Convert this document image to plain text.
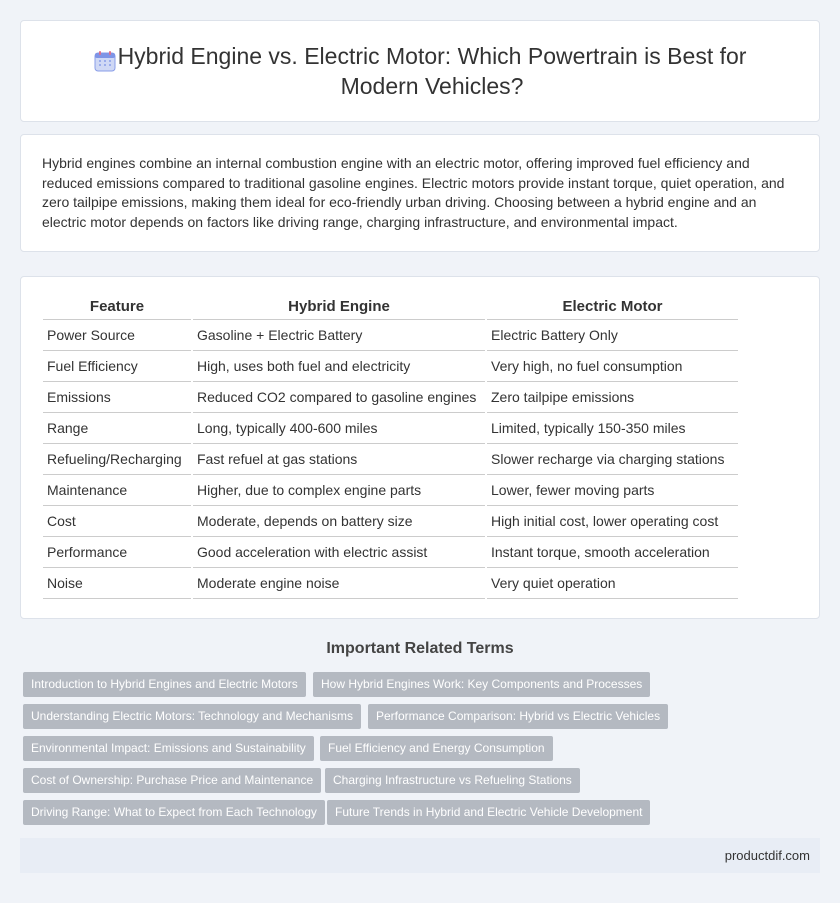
Hybrid Engine vs. Electric Motor: Which Powertrain is Best for Modern Vehicles?

Hybrid engines combine an internal combustion engine with an electric motor, offering improved fuel efficiency and reduced emissions compared to traditional gasoline engines. Electric motors provide instant torque, quiet operation, and zero tailpipe emissions, making them ideal for eco-friendly urban driving. Choosing between a hybrid engine and an electric motor depends on factors like driving range, charging infrastructure, and environmental impact.

Feature	Hybrid Engine	Electric Motor
Power Source	Gasoline + Electric Battery	Electric Battery Only
Fuel Efficiency	High, uses both fuel and electricity	Very high, no fuel consumption
Emissions	Reduced CO2 compared to gasoline engines	Zero tailpipe emissions
Range	Long, typically 400-600 miles	Limited, typically 150-350 miles
Refueling/Recharging	Fast refuel at gas stations	Slower recharge via charging stations
Maintenance	Higher, due to complex engine parts	Lower, fewer moving parts
Cost	Moderate, depends on battery size	High initial cost, lower operating cost
Performance	Good acceleration with electric assist	Instant torque, smooth acceleration
Noise	Moderate engine noise	Very quiet operation
Important Related Terms
Introduction to Hybrid Engines and Electric Motors	How Hybrid Engines Work: Key Components and Processes
Understanding Electric Motors: Technology and Mechanisms	Performance Comparison: Hybrid vs Electric Vehicles
Environmental Impact: Emissions and Sustainability	Fuel Efficiency and Energy Consumption
Cost of Ownership: Purchase Price and Maintenance	Charging Infrastructure vs Refueling Stations
Driving Range: What to Expect from Each Technology	Future Trends in Hybrid and Electric Vehicle Development
productdif.com
